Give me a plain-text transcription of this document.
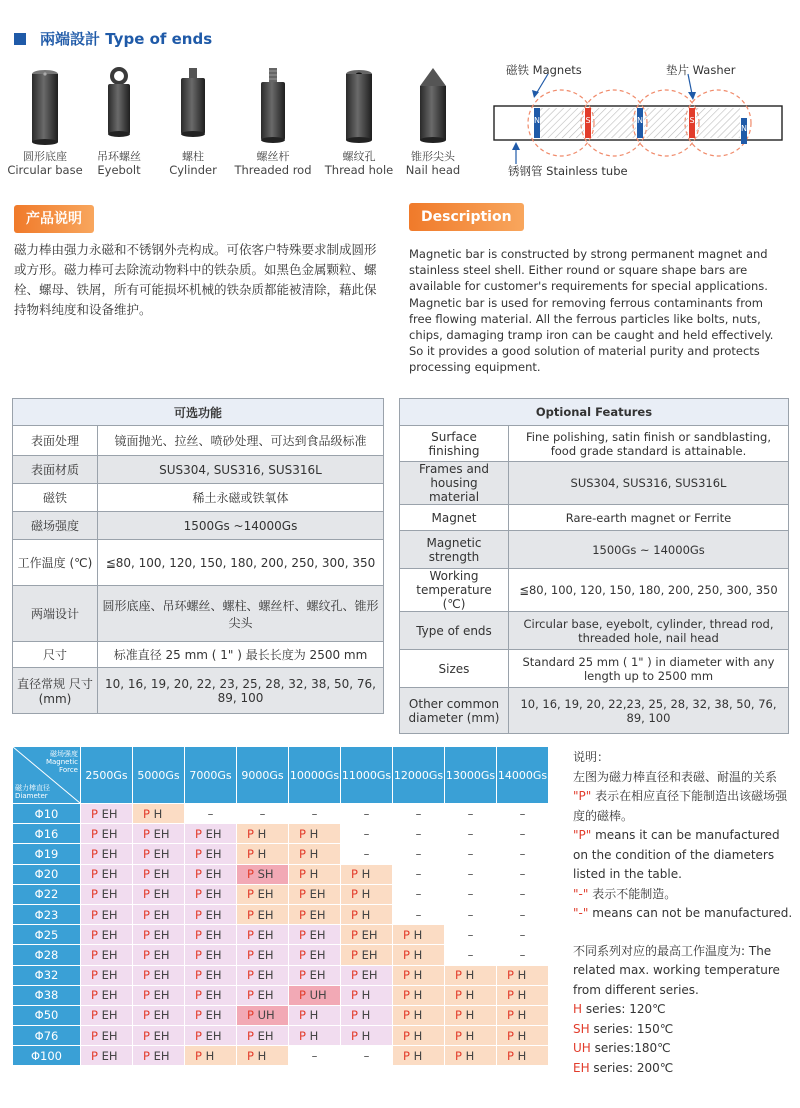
兩端設計 Type of ends
圆形底座
Circular base
吊环螺丝
Eyebolt
螺柱
Cylinder
螺丝杆
Threaded rod
螺纹孔
Thread hole
锥形尖头
Nail head
磁铁 Magnets	垫片 Washer
锈钢管 Stainless tube
N	S	N	S
N
产品说明	Description
磁力棒由强力永磁和不锈钢外壳构成。可依客户特殊要求制成圆形或方形。磁力棒可去除流动物料中的铁杂质。如黑色金属颗粒、螺栓、螺母、铁屑，所有可能损坏机械的铁杂质都能被清除，藉此保持物料纯度和设备维护。
Magnetic bar is constructed by strong permanent magnet and stainless steel shell. Either round or square shape bars are available for customer's requirements for special applications. Magnetic bar is used for removing ferrous contaminants from free flowing material. All the ferrous particles like bolts, nuts, chips, damaging tramp iron can be caught and held effectively. So it provides a good solution of material purity and protects processing equipment.
可选功能	
表面处理	镜面抛光、拉丝、喷砂处理、可达到食品级标准
表面材质	SUS304, SUS316, SUS316L
磁铁	稀土永磁或铁氧体
磁场强度	1500Gs ~14000Gs
工作温度 (℃)	≦80, 100, 120, 150, 180, 200, 250, 300, 350
两端设计	圆形底座、吊环螺丝、螺柱、螺丝杆、螺纹孔、锥形尖头
尺寸	标准直径 25 mm ( 1" ) 最长长度为 2500 mm
直径常规 尺寸 (mm)	10, 16, 19, 20, 22, 23, 25, 28, 32, 38, 50, 76, 89, 100
Optional Features	
Surface finishing	Fine polishing, satin finish or sandblasting, food grade standard is attainable.
Frames and housing material	SUS304, SUS316, SUS316L
Magnet	Rare-earth magnet or Ferrite
Magnetic strength	1500Gs ~ 14000Gs
Working temperature (℃)	≦80, 100, 120, 150, 180, 200, 250, 300, 350
Type of ends	Circular base, eyebolt, cylinder, thread rod, threaded hole, nail head
Sizes	Standard 25 mm ( 1" ) in diameter with any length up to 2500 mm
Other common diameter (mm)	10, 16, 19, 20, 22,23, 25, 28, 32, 38, 50, 76, 89, 100
磁场强度 Magnetic Force
磁力棒直径 Diameter	2500Gs	5000Gs	7000Gs	9000Gs	10000Gs	11000Gs	12000Gs	13000Gs	14000Gs
Φ10	P EH	P H	–	–	–	–	–	–	–
Φ16	P EH	P EH	P EH	P H	P H	–	–	–	–
Φ19	P EH	P EH	P EH	P H	P H	–	–	–	–
Φ20	P EH	P EH	P EH	P SH	P H	P H	–	–	–
Φ22	P EH	P EH	P EH	P EH	P EH	P H	–	–	–
Φ23	P EH	P EH	P EH	P EH	P EH	P H	–	–	–
Φ25	P EH	P EH	P EH	P EH	P EH	P EH	P H	–	–
Φ28	P EH	P EH	P EH	P EH	P EH	P EH	P H	–	–
Φ32	P EH	P EH	P EH	P EH	P EH	P EH	P H	P H	P H
Φ38	P EH	P EH	P EH	P EH	P UH	P H	P H	P H	P H
Φ50	P EH	P EH	P EH	P UH	P H	P H	P H	P H	P H
Φ76	P EH	P EH	P EH	P EH	P H	P H	P H	P H	P H
Φ100	P EH	P EH	P H	P H	–	–	P H	P H	P H
说明：
左图为磁力棒直径和表磁、耐温的关系
"P" 表示在相应直径下能制造出该磁场强度的磁棒。
"P" means it can be manufactured on the condition of the diameters listed in the table.
"-" 表示不能制造。
"-" means can not be manufactured.
不同系列对应的最高工作温度为: The related max. working temperature from different series.
H series: 120℃
SH series: 150℃
UH series:180℃
EH series: 200℃
